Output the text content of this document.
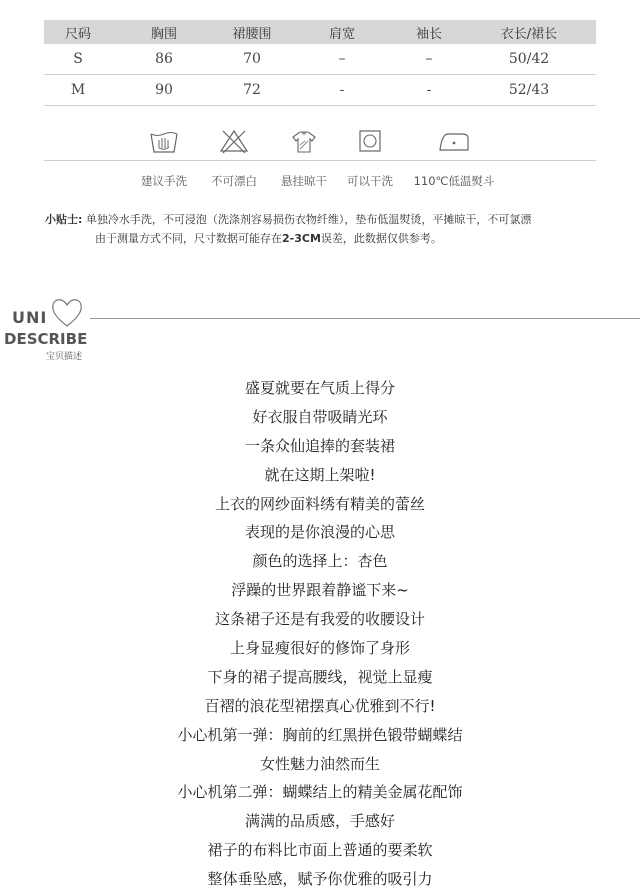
尺码	胸围	裙腰围	肩宽	袖长	衣长/裙长
S	86	70	–	–	50/42
M	90	72	-	-	52/43
建议手洗 不可漂白 悬挂晾干 可以干洗 110℃低温熨斗
小贴士: 单独冷水手洗，不可浸泡（洗涤剂容易损伤衣物纤维），垫布低温熨烫，平摊晾干，不可氯漂
由于测量方式不同，尺寸数据可能存在2-3CM误差，此数据仅供参考。
UNI
DESCRIBE
宝贝描述
盛夏就要在气质上得分
好衣服自带吸睛光环
一条众仙追捧的套装裙
就在这期上架啦!
上衣的网纱面料绣有精美的蕾丝
表现的是你浪漫的心思
颜色的选择上：杏色
浮躁的世界跟着静谧下来~
这条裙子还是有我爱的收腰设计
上身显瘦很好的修饰了身形
下身的裙子提高腰线，视觉上显瘦
百褶的浪花型裙摆真心优雅到不行!
小心机第一弹：胸前的红黑拼色锻带蝴蝶结
女性魅力油然而生
小心机第二弹：蝴蝶结上的精美金属花配饰
满满的品质感，手感好
裙子的布料比市面上普通的要柔软
整体垂坠感，赋予你优雅的吸引力
